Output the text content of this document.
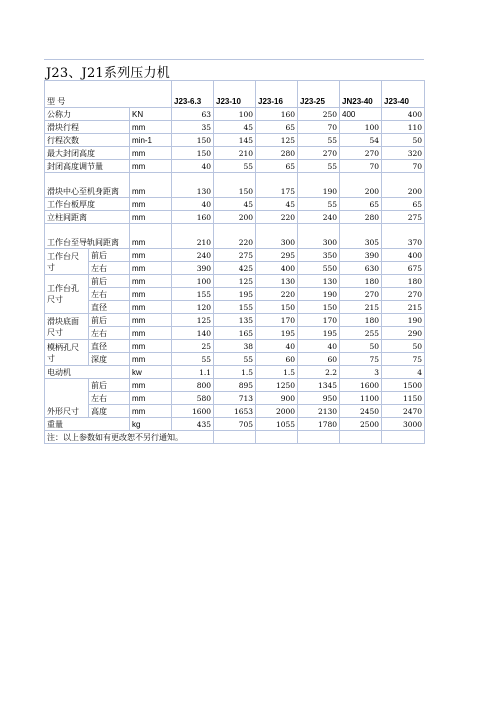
J23、J21系列压力机
型 号			J23-6.3	J23-10	J23-16	J23-25	JN23-40	J23-40
公称力		KN	63	100	160	250	400	400
滑块行程		mm	35	45	65	70	100	110
行程次数		min-1	150	145	125	55	54	50
最大封闭高度		mm	150	210	280	270	270	320
封闭高度调节量		mm	40	55	65	55	70	70
滑块中心至机身距离		mm	130	150	175	190	200	200
工作台板厚度		mm	40	45	45	55	65	65
立柱间距离		mm	160	200	220	240	280	275
工作台至导轨间距离		mm	210	220	300	300	305	370
工作台尺寸	前后	mm	240	275	295	350	390	400
	左右	mm	390	425	400	550	630	675
工作台孔尺寸	前后	mm	100	125	130	130	180	180
	左右	mm	155	195	220	190	270	270
	直径	mm	120	155	150	150	215	215
滑块底面尺寸	前后	mm	125	135	170	170	180	190
	左右	mm	140	165	195	195	255	290
模柄孔尺寸	直径	mm	25	38	40	40	50	50
	深度	mm	55	55	60	60	75	75
电动机		kw	1.1	1.5	1.5	2.2	3	4
外形尺寸	前后	mm	800	895	1250	1345	1600	1500
	左右	mm	580	713	900	950	1100	1150
	高度	mm	1600	1653	2000	2130	2450	2470
重量		kg	435	705	1055	1780	2500	3000
注：以上参数如有更改恕不另行通知。								
